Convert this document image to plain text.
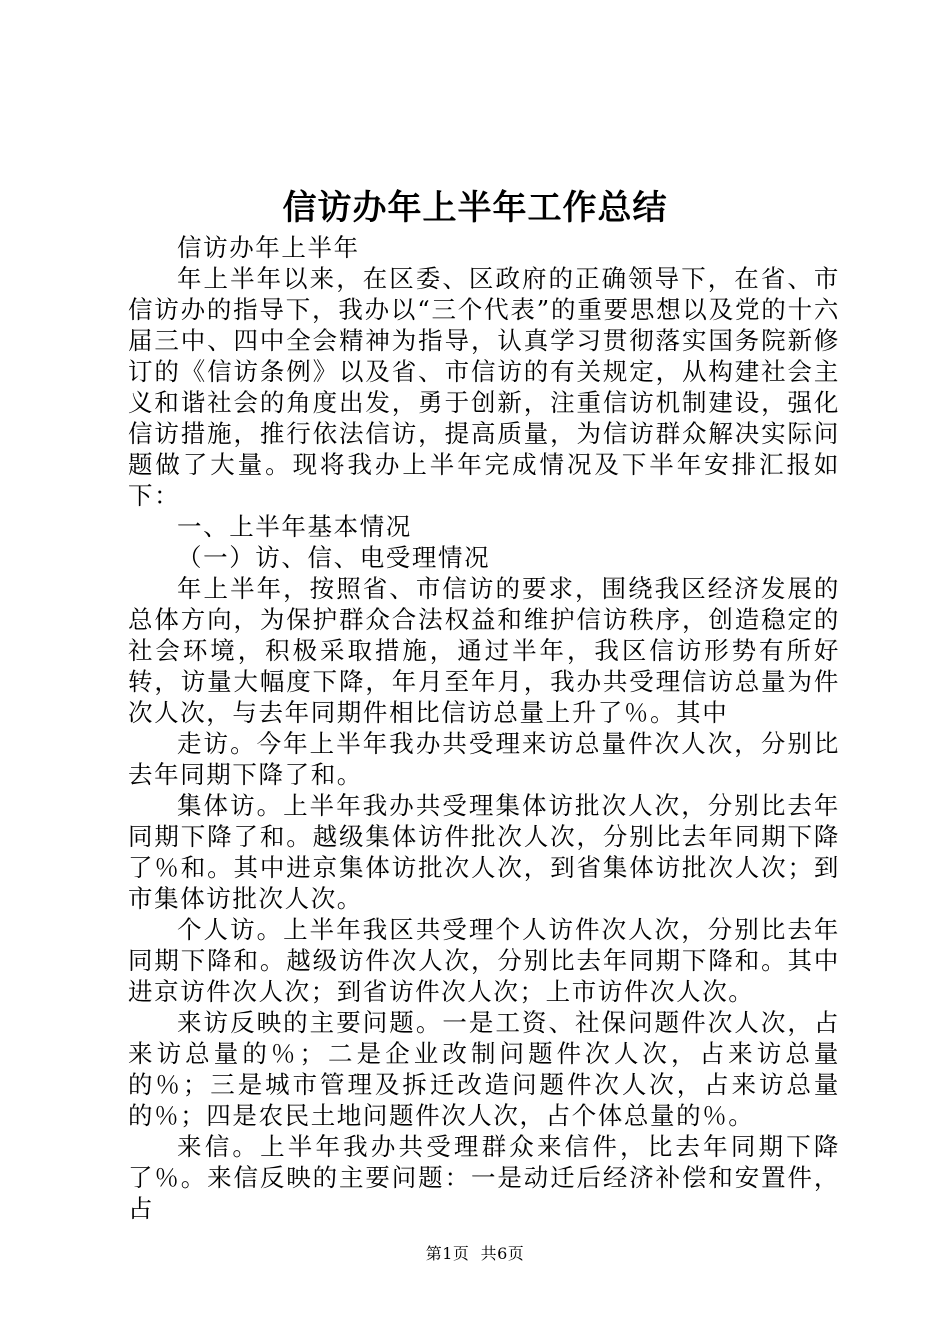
信访办年上半年工作总结

信访办年上半年

年上半年以来，在区委、区政府的正确领导下，在省、市信访办的指导下，我办以“三个代表”的重要思想以及党的十六届三中、四中全会精神为指导，认真学习贯彻落实国务院新修订的《信访条例》以及省、市信访的有关规定，从构建社会主义和谐社会的角度出发，勇于创新，注重信访机制建设，强化信访措施，推行依法信访，提高质量，为信访群众解决实际问题做了大量。现将我办上半年完成情况及下半年安排汇报如下：

一、上半年基本情况

（一）访、信、电受理情况

年上半年，按照省、市信访的要求，围绕我区经济发展的总体方向，为保护群众合法权益和维护信访秩序，创造稳定的社会环境，积极采取措施，通过半年，我区信访形势有所好转，访量大幅度下降，年月至年月，我办共受理信访总量为件次人次，与去年同期件相比信访总量上升了％。其中

走访。今年上半年我办共受理来访总量件次人次，分别比去年同期下降了和。

集体访。上半年我办共受理集体访批次人次，分别比去年同期下降了和。越级集体访件批次人次，分别比去年同期下降了％和。其中进京集体访批次人次，到省集体访批次人次；到市集体访批次人次。

个人访。上半年我区共受理个人访件次人次，分别比去年同期下降和。越级访件次人次，分别比去年同期下降和。其中进京访件次人次；到省访件次人次；上市访件次人次。

来访反映的主要问题。一是工资、社保问题件次人次，占来访总量的％；二是企业改制问题件次人次，占来访总量的％；三是城市管理及拆迁改造问题件次人次，占来访总量的％；四是农民土地问题件次人次，占个体总量的％。

来信。上半年我办共受理群众来信件，比去年同期下降了％。来信反映的主要问题：一是动迁后经济补偿和安置件，占

第1页 共6页
